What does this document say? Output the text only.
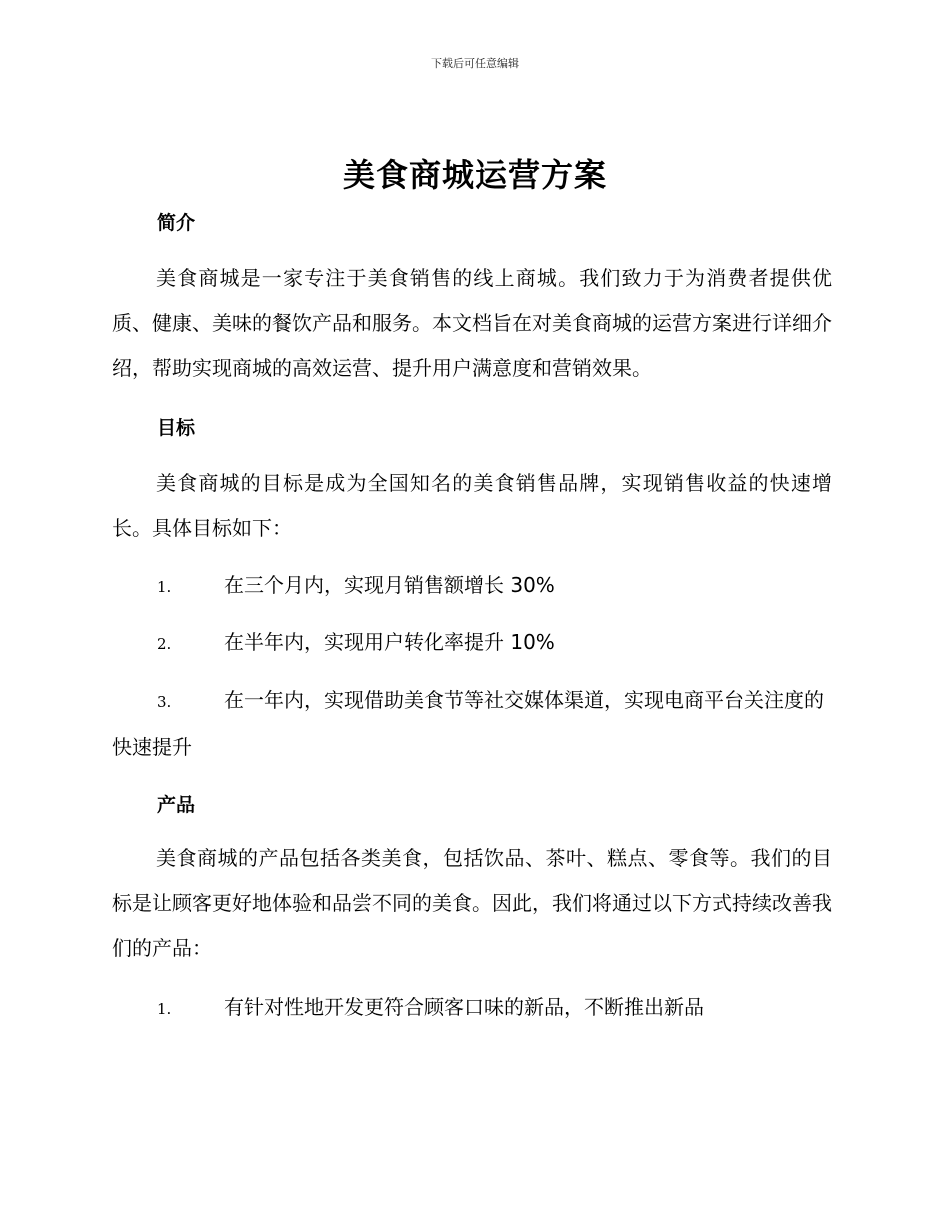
下载后可任意编辑
美食商城运营方案
简介

美食商城是一家专注于美食销售的线上商城。我们致力于为消费者提供优质、健康、美味的餐饮产品和服务。本文档旨在对美食商城的运营方案进行详细介绍，帮助实现商城的高效运营、提升用户满意度和营销效果。

目标

美食商城的目标是成为全国知名的美食销售品牌，实现销售收益的快速增长。具体目标如下：

1.	在三个月内，实现月销售额增长 30%

2.	在半年内，实现用户转化率提升 10%

3.	在一年内，实现借助美食节等社交媒体渠道，实现电商平台关注度的快速提升

产品

美食商城的产品包括各类美食，包括饮品、茶叶、糕点、零食等。我们的目标是让顾客更好地体验和品尝不同的美食。因此，我们将通过以下方式持续改善我们的产品：

1.	有针对性地开发更符合顾客口味的新品，不断推出新品
